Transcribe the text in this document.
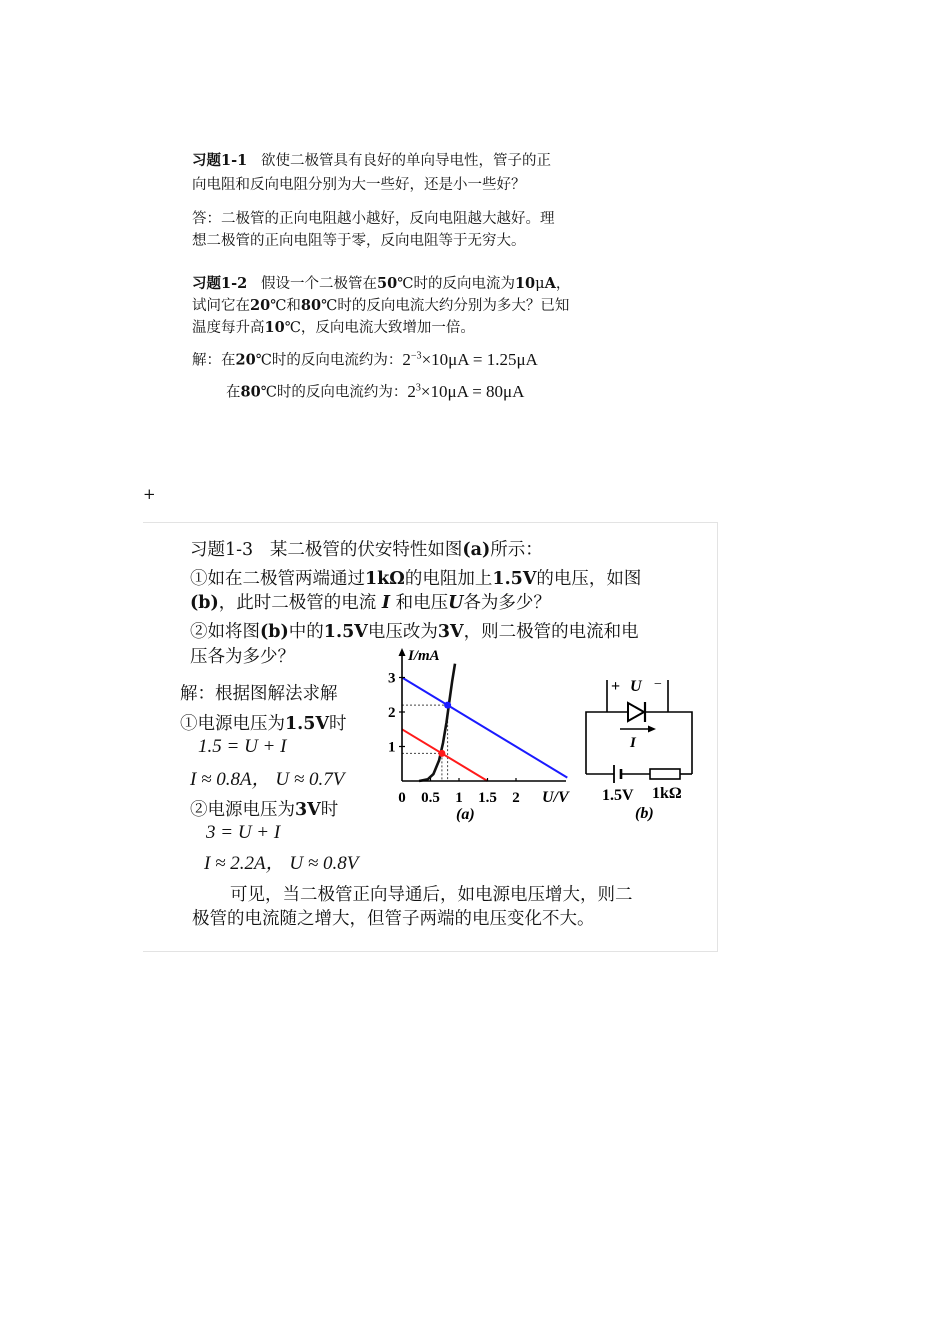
习题1-1 欲使二极管具有良好的单向导电性，管子的正
向电阻和反向电阻分别为大一些好，还是小一些好？
答：二极管的正向电阻越小越好，反向电阻越大越好。理
想二极管的正向电阻等于零，反向电阻等于无穷大。
习题1-2 假设一个二极管在50℃时的反向电流为10μA，
试问它在20℃和80℃时的反向电流大约分别为多大？已知
温度每升高10℃，反向电流大致增加一倍。
解：在20℃时的反向电流约为：$2^{-3}\times 10\mu A = 1.25\mu A$
在80℃时的反向电流约为：$2^3\times 10\mu A = 80\mu A$
+
习题1-3 某二极管的伏安特性如图(a)所示：
①如在二极管两端通过1kΩ的电阻加上1.5V的电压，如图
(b)，此时二极管的电流 I 和电压U各为多少？
②如将图(b)中的1.5V电压改为3V，则二极管的电流和电
压各为多少？
解：根据图解法求解
①电源电压为1.5V时
1.5 = U + I
I ≈ 0.8A， U ≈ 0.7V
②电源电压为3V时
3 = U + I
I ≈ 2.2A， U ≈ 0.8V
可见，当二极管正向导通后，如电源电压增大，则二
极管的电流随之增大，但管子两端的电压变化不大。
1
2
3
0 0.5 1 1.5 2
I/mA
U/V
(a)
+ U −
I
1.5V 1kΩ
(b)
